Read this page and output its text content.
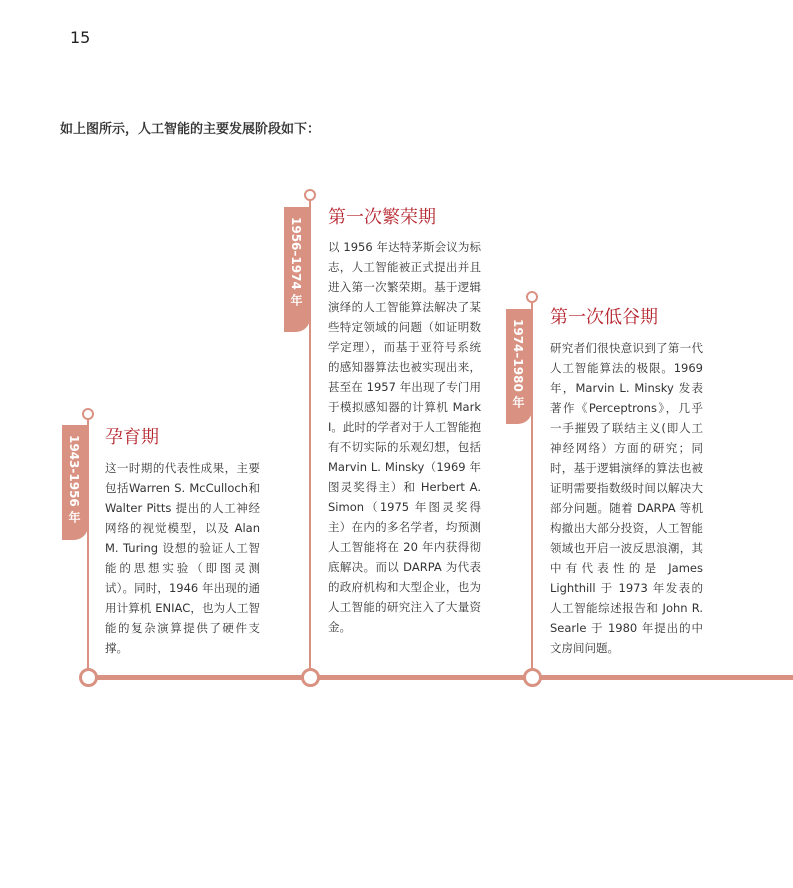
15
如上图所示，人工智能的主要发展阶段如下：
1943-1956 年 孕育期
这一时期的代表性成果，主要包括Warren S. McCulloch和 Walter Pitts 提出的人工神经网络的视觉模型，以及 Alan M. Turing 设想的验证人工智能的思想实验（即图灵测试）。同时，1946 年出现的通用计算机 ENIAC，也为人工智能的复杂演算提供了硬件支撑。
1956–1974 年 第一次繁荣期
以 1956 年达特茅斯会议为标志，人工智能被正式提出并且进入第一次繁荣期。基于逻辑演绎的人工智能算法解决了某些特定领域的问题（如证明数学定理），而基于亚符号系统的感知器算法也被实现出来，甚至在 1957 年出现了专门用于模拟感知器的计算机 Mark I。此时的学者对于人工智能抱有不切实际的乐观幻想，包括Marvin L. Minsky（1969 年图灵奖得主）和 Herbert A. Simon（1975 年图灵奖得主）在内的多名学者，均预测人工智能将在 20 年内获得彻底解决。而以 DARPA 为代表的政府机构和大型企业，也为人工智能的研究注入了大量资金。
1974–1980 年
第一次低谷期
研究者们很快意识到了第一代人工智能算法的极限。1969 年，Marvin L. Minsky 发表著作《Perceptrons》，几乎一手摧毁了联结主义(即人工神经网络）方面的研究；同时，基于逻辑演绎的算法也被证明需要指数级时间以解决大部分问题。随着 DARPA 等机构撤出大部分投资，人工智能领域也开启一波反思浪潮，其中有代表性的是 James Lighthill 于 1973 年发表的人工智能综述报告和 John R. Searle 于 1980 年提出的中文房间问题。
